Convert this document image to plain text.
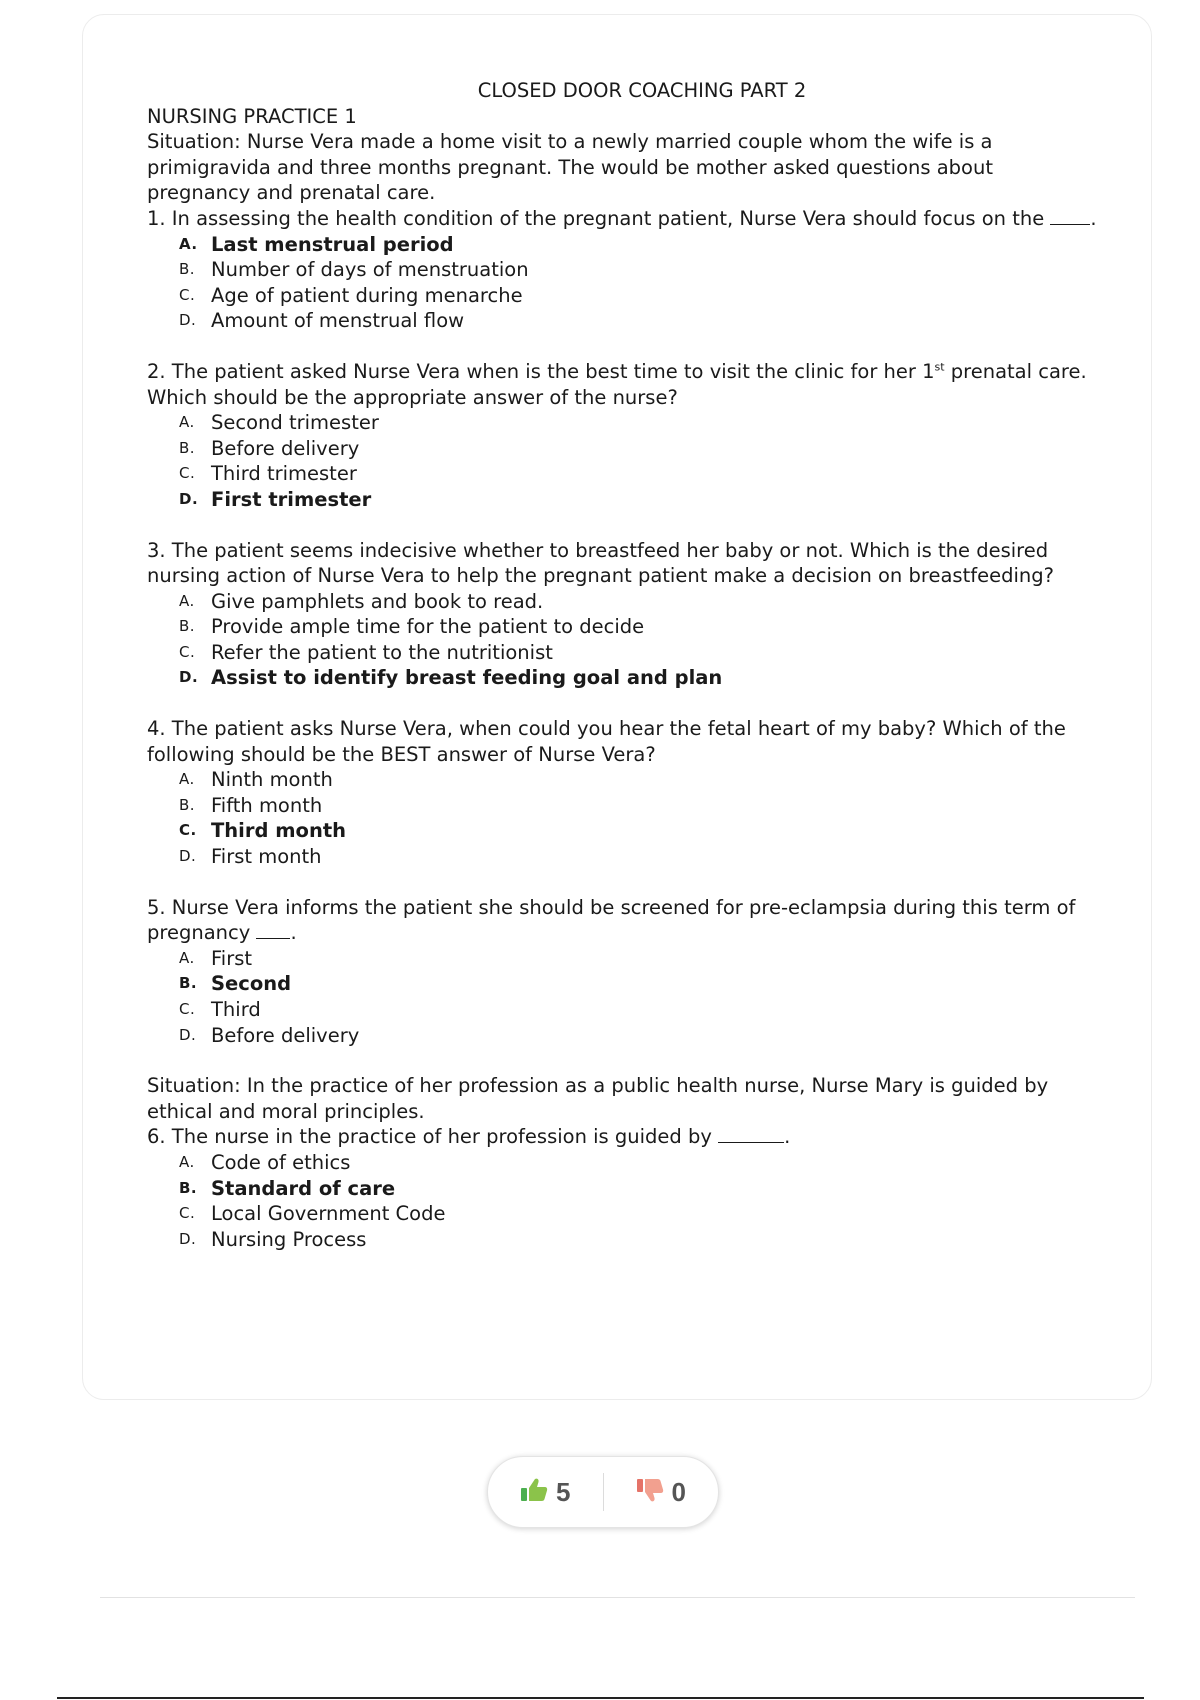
CLOSED DOOR COACHING PART 2

NURSING PRACTICE 1

Situation: Nurse Vera made a home visit to a newly married couple whom the wife is a primigravida and three months pregnant. The would be mother asked questions about pregnancy and prenatal care.

1. In assessing the health condition of the pregnant patient, Nurse Vera should focus on the .

A. Last menstrual period
B. Number of days of menstruation
C. Age of patient during menarche
D. Amount of menstrual flow

2. The patient asked Nurse Vera when is the best time to visit the clinic for her 1st prenatal care. Which should be the appropriate answer of the nurse?

A. Second trimester
B. Before delivery
C. Third trimester
D. First trimester

3. The patient seems indecisive whether to breastfeed her baby or not. Which is the desired nursing action of Nurse Vera to help the pregnant patient make a decision on breastfeeding?

A. Give pamphlets and book to read.
B. Provide ample time for the patient to decide
C. Refer the patient to the nutritionist
D. Assist to identify breast feeding goal and plan

4. The patient asks Nurse Vera, when could you hear the fetal heart of my baby? Which of the following should be the BEST answer of Nurse Vera?

A. Ninth month
B. Fifth month
C. Third month
D. First month

5. Nurse Vera informs the patient she should be screened for pre-eclampsia during this term of pregnancy .

A. First
B. Second
C. Third
D. Before delivery

Situation: In the practice of her profession as a public health nurse, Nurse Mary is guided by ethical and moral principles.

6. The nurse in the practice of her profession is guided by	.

A. Code of ethics
B. Standard of care
C. Local Government Code
D. Nursing Process
5	0
